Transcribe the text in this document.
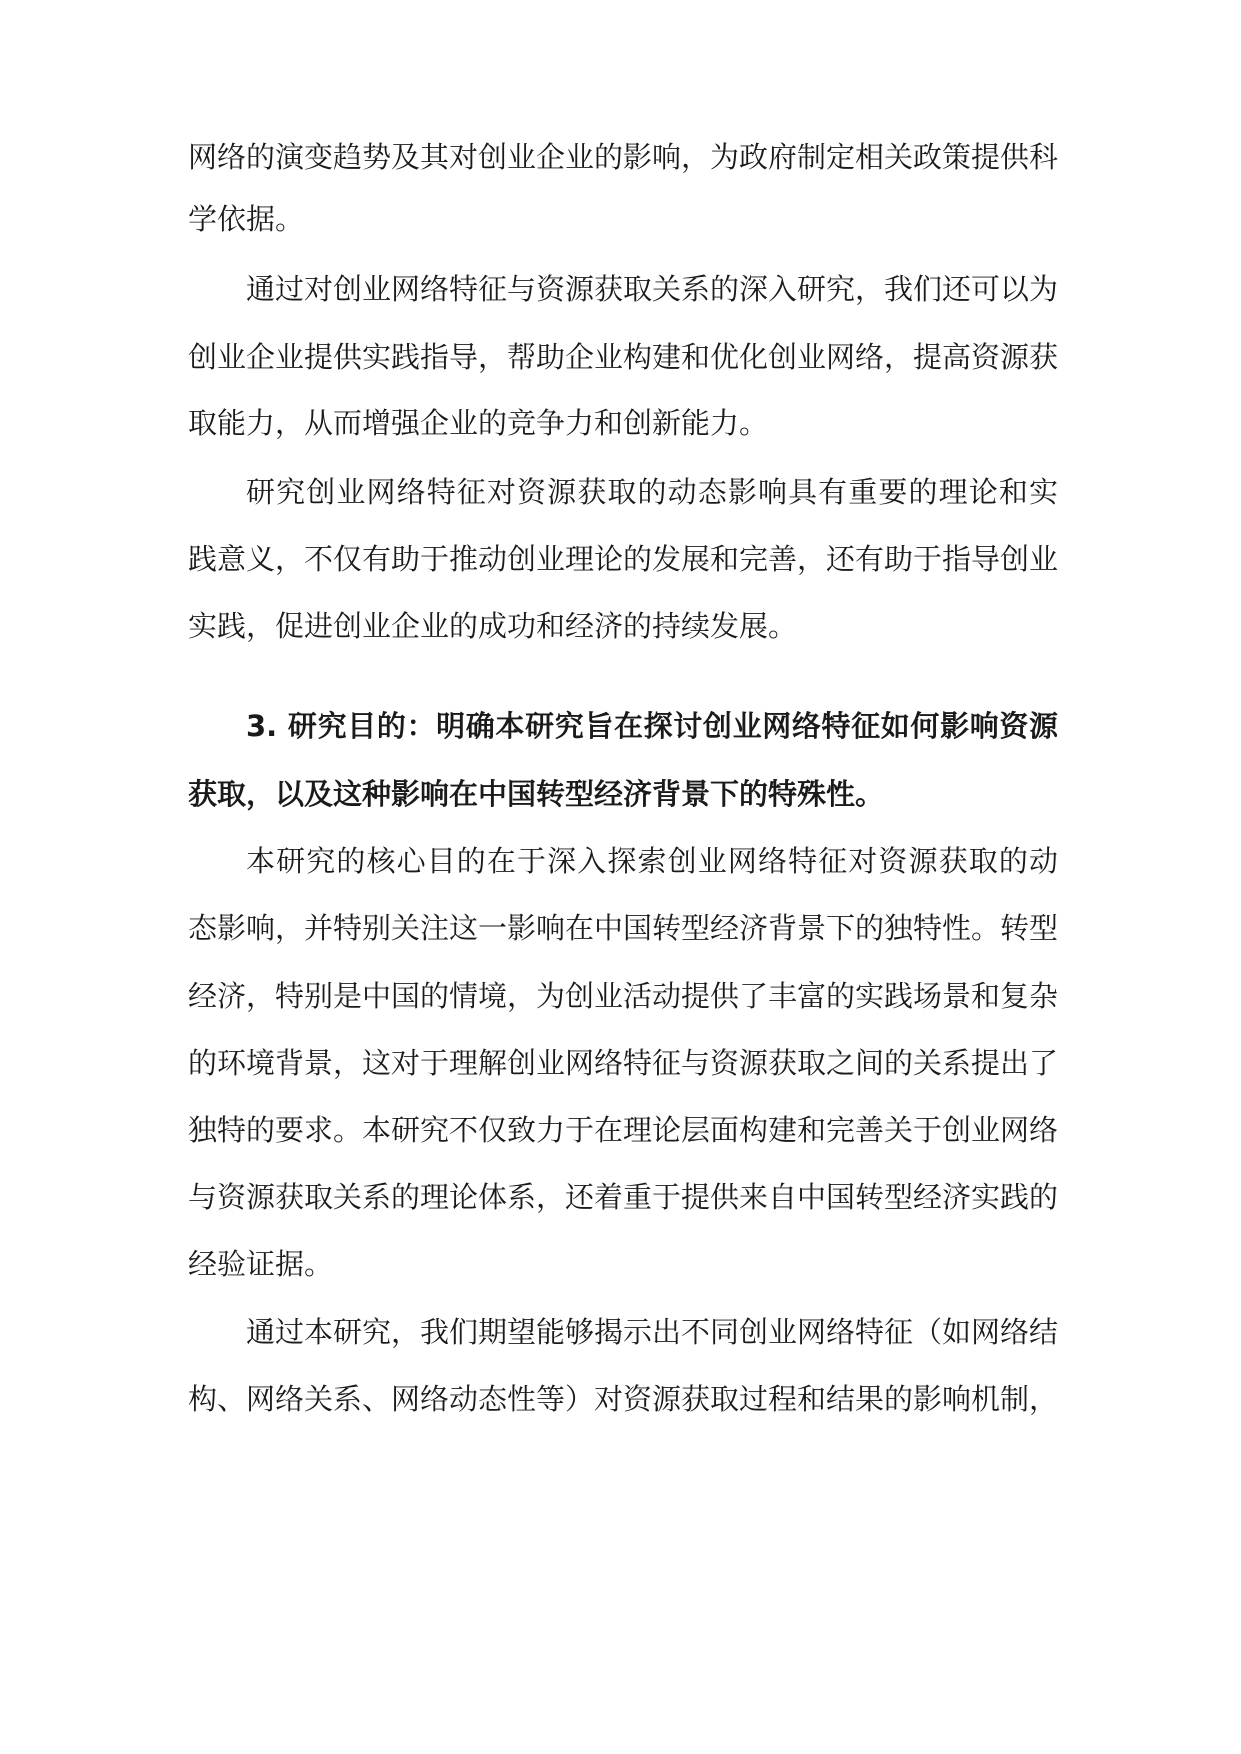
网络的演变趋势及其对创业企业的影响，为政府制定相关政策提供科

学依据。

通过对创业网络特征与资源获取关系的深入研究，我们还可以为

创业企业提供实践指导，帮助企业构建和优化创业网络，提高资源获

取能力，从而增强企业的竞争力和创新能力。

研究创业网络特征对资源获取的动态影响具有重要的理论和实

践意义，不仅有助于推动创业理论的发展和完善，还有助于指导创业

实践，促进创业企业的成功和经济的持续发展。

3. 研究目的：明确本研究旨在探讨创业网络特征如何影响资源

获取，以及这种影响在中国转型经济背景下的特殊性。

本研究的核心目的在于深入探索创业网络特征对资源获取的动

态影响，并特别关注这一影响在中国转型经济背景下的独特性。转型

经济，特别是中国的情境，为创业活动提供了丰富的实践场景和复杂

的环境背景，这对于理解创业网络特征与资源获取之间的关系提出了

独特的要求。本研究不仅致力于在理论层面构建和完善关于创业网络

与资源获取关系的理论体系，还着重于提供来自中国转型经济实践的

经验证据。

通过本研究，我们期望能够揭示出不同创业网络特征（如网络结

构、网络关系、网络动态性等）对资源获取过程和结果的影响机制，
